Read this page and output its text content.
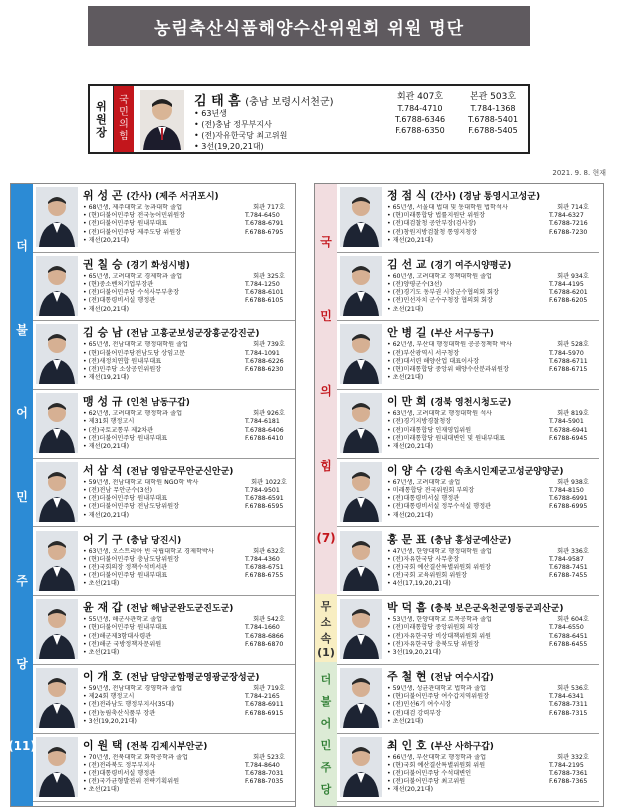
농림축산식품해양수산위원회 위원 명단
위
원
장
국
민
의
힘
김 태 흠 (충남 보령시서천군)
• 63년생
• (전)충남 정무부지사
• (전)자유한국당 최고위원
• 3선(19,20,21대)
회관 407호
T.784-4710
T.6788-6346
F.6788-6350
본관 503호
T.784-1368
T.6788-5401
F.6788-5405
2021. 9. 8. 현재
더
불
어
민
주
당
(11)
위 성 곤 (간사) (제주 서귀포시)
• 68년생, 제주대학교 농과대학 졸업
• (현)더불어민주당 전국농어민위원장
• (전)더불어민주당 원내부대표
• (전)더불어민주당 제주도당 위원장
• 재선(20,21대)
회관 717호
T.784-6450
T.6788-6791
F.6788-6795
권 칠 승 (경기 화성시병)
• 65년생, 고려대학교 경제학과 졸업
• (현)중소벤처기업부장관
• (전)더불어민주당 수석사무부총장
• (전)대통령비서실 행정관
• 재선(20,21대)
회관 325호
T.784-1250
T.6788-6101
F.6788-6105
김 승 남 (전남 고흥군보성군장흥군강진군)
• 65년생, 전남대학교 행정대학원 졸업
• (현)더불어민주당전남도당 상임고문
• (전)새정치연합 원내부대표
• (전)민주당 소상공인위원장
• 재선(19,21대)
회관 739호
T.784-1091
T.6788-6226
F.6788-6230
맹 성 규 (인천 남동구갑)
• 62년생, 고려대학교 행정학과 졸업
• 제31회 행정고시
• (전)국토교통부 제2차관
• (전)더불어민주당 원내부대표
• 재선(20,21대)
회관 926호
T.784-6181
T.6788-6406
F.6788-6410
서 삼 석 (전남 영암군무안군신안군)
• 59년생, 전남대학교 대학원 NGO학 박사
• (전)전남 무안군수(3선)
• (전)더불어민주당 원내부대표
• (전)더불어민주당 전남도당위원장
• 재선(20,21대)
회관 1022호
T.784-9501
T.6788-6591
F.6788-6595
어 기 구 (충남 당진시)
• 63년생, 오스트리아 빈 국립대학교 경제학박사
• (현)더불어민주당 충남도당위원장
• (전)국회의장 정책수석비서관
• (전)더불어민주당 원내부대표
• 초선(21대)
회관 632호
T.784-4360
T.6788-6751
F.6788-6755
윤 재 갑 (전남 해남군완도군진도군)
• 55년생, 해군사관학교 졸업
• (현)더불어민주당 원내부대표
• (전)해군제3함대사령관
• (전)해군 국방정책자문위원
• 초선(21대)
회관 542호
T.784-1660
T.6788-6866
F.6788-6870
이 개 호 (전남 담양군함평군영광군장성군)
• 59년생, 전남대학교 경영학과 졸업
• 제24회 행정고시
• (전)전라남도 행정부지사(35대)
• (전)농림축산식품부 장관
• 3선(19,20,21대)
회관 719호
T.784-2165
T.6788-6911
F.6788-6915
이 원 택 (전북 김제시부안군)
• 70년생, 전북대학교 화학공학과 졸업
• (전)전라북도 정무부지사
• (전)대통령비서실 행정관
• (전)국가균형발전위 전략기획위원
• 초선(21대)
회관 523호
T.784-8640
T.6788-7031
F.6788-7035
국
민
의
힘
(7)
무
소
속
(1)
더
불
어
민
주
당
정 점 식 (간사) (경남 통영시고성군)
• 65년생, 서울대 법대 및 동대학원 법학석사
• (현)미래통합당 법률지원단 위원장
• (전)대검찰청 공안부장(검사장)
• (전)창원지방검찰청 통영지청장
• 재선(20,21대)
회관 714호
T.784-6327
T.6788-7216
F.6788-7230
김 선 교 (경기 여주시양평군)
• 60년생, 고려대학교 정책대학원 졸업
• (전)양평군수(3선)
• (전)경기도 동부권 시장군수협의회 회장
• (전)민선자치 군수구청장 협의회 회장
• 초선(21대)
회관 934호
T.784-4195
T.6788-6201
F.6788-6205
안 병 길 (부산 서구동구)
• 62년생, 부산대 행정대학원 공공정책학 박사
• (전)부산광역시 서구청장
• (전)대서련 해양산업 대표이사장
• (현)미래통합당 중앙위 해양수산분과위원장
• 초선(21대)
회관 528호
T.784-5970
T.6788-6711
F.6788-6715
이 만 희 (경북 영천시청도군)
• 63년생, 고려대학교 행정대학원 석사
• (전)경기지방경찰청장
• (전)미래통합당 인재영입위원
• (전)미래통합당 원내대변인 및 원내부대표
• 재선(20,21대)
회관 819호
T.784-5901
T.6788-6941
F.6788-6945
이 양 수 (강원 속초시인제군고성군양양군)
• 67년생, 고려대학교 졸업
• 미래통합당 전국위원회 부의장
• (전)대통령비서실 행정관
• (전)대통령비서실 정무수석실 행정관
• 재선(20,21대)
회관 938호
T.784-8150
T.6788-6991
F.6788-6995
홍 문 표 (충남 홍성군예산군)
• 47년생, 한양대학교 행정대학원 졸업
• (전)자유한국당 사무총장
• (전)국회 예산결산특별위원회 위원장
• (전)국회 교육위원회 위원장
• 4선(17,19,20,21대)
회관 336호
T.784-9587
T.6788-7451
F.6788-7455
박 덕 흠 (충북 보은군옥천군영동군괴산군)
• 53년생, 한양대학교 토목공학과 졸업
• (전)미래통합당 중앙위원회 의장
• (전)자유한국당 비상대책위원회 위원
• (전)자유한국당 충북도당 위원장
• 3선(19,20,21대)
회관 604호
T.784-6550
T.6788-6451
F.6788-6455
주 철 현 (전남 여수시갑)
• 59년생, 성균관대학교 법학과 졸업
• (현)더불어민주당 여수갑지역위원장
• (전)민선6기 여수시장
• (전)대검 강력부장
• 초선(21대)
회관 536호
T.784-6341
T.6788-7311
F.6788-7315
최 인 호 (부산 사하구갑)
• 66년생, 부산대학교 행정학과 졸업
• (현)국회 예산결산특별위원회 위원
• (전)더불어민주당 수석대변인
• (전)더불어민주당 최고위원
• 재선(20,21대)
회관 332호
T.784-2195
T.6788-7361
F.6788-7365
